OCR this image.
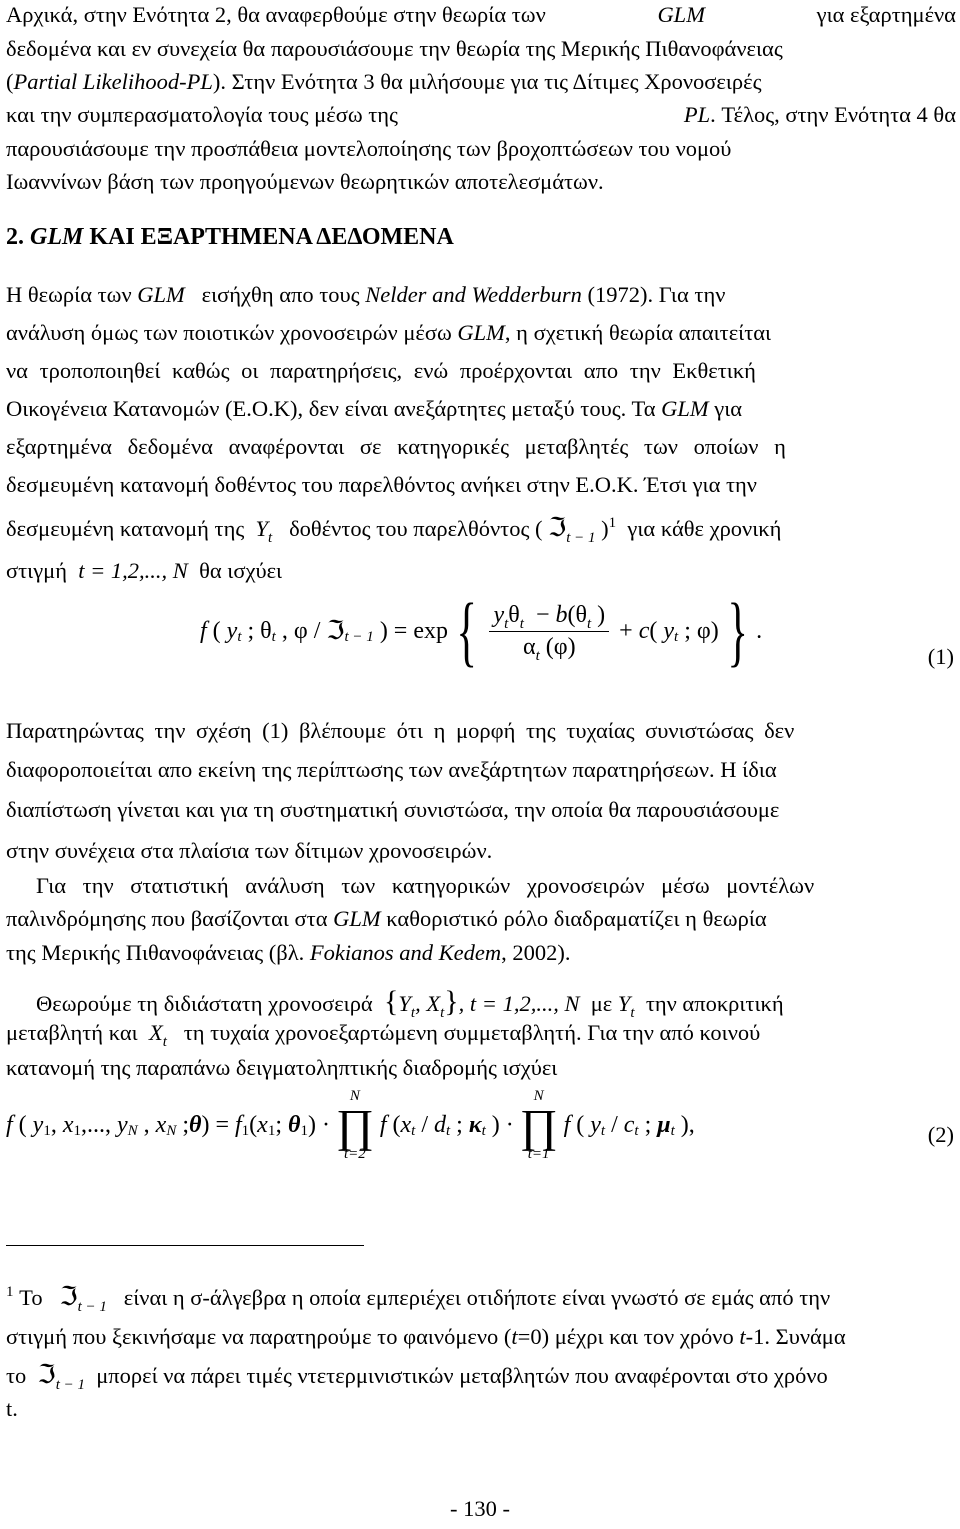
Αρχικά, στην Ενότητα 2, θα αναφερθούμε στην θεωρία των	GLM	για εξαρτημένα
δεδομένα και εν συνεχεία θα παρουσιάσουμε την θεωρία της Μερικής Πιθανοφάνειας
( Partial Likelihood-PL ). Στην Ενότητα 3 θα μιλήσουμε για τις Δίτιμες Χρονοσειρές
και την συμπερασματολογία τους μέσω της	PL. Τέλος, στην Ενότητα 4 θα
παρουσιάσουμε την προσπάθεια μοντελοποίησης των βροχοπτώσεων του νομού
Ιωαννίνων βάση των προηγούμενων θεωρητικών αποτελεσμάτων.
2.
GLM
ΚΑΙ ΕΞΑΡΤΗΜΕΝΑ ΔΕΔΟΜΕΝΑ
Η θεωρία των
GLM
εισήχθη απο τους
Nelder and Wedderburn
(1972). Για την
ανάλυση όμως των ποιοτικών χρονοσειρών μέσω
GLM , η σχετική θεωρία απαιτείται
να τροποποιηθεί καθώς οι παρατηρήσεις, ενώ προέρχονται απο την Εκθετική
Οικογένεια Κατανομών (Ε.Ο.Κ), δεν είναι ανεξάρτητες μεταξύ τους. Τα
GLM
για
εξαρτημένα δεδομένα αναφέρονται σε κατηγορικές μεταβλητές των οποίων η
δεσμευμένη κατανομή δοθέντος του παρελθόντος ανήκει στην Ε.Ο.Κ. Έτσι για την
δεσμευμένη κατανομή της
Y t
δοθέντος του παρελθόντος (
ℑ t − 1
) 1
για κάθε χρονική
στιγμή
t = 1,2,..., N
θα ισχύει
f ( y t ; θ t , φ / ℑ t − 1 ) = exp { $\frac{y_t\theta_t - b(\theta_t )}{\alpha_t (\varphi)} + c$ ( y t ; φ) } .
(1)
Παρατηρώντας την σχέση (1) βλέπουμε ότι η μορφή της τυχαίας συνιστώσας δεν
διαφοροποιείται απο εκείνη της περίπτωσης των ανεξάρτητων παρατηρήσεων. Η ίδια
διαπίστωση γίνεται και για τη συστηματική συνιστώσα, την οποία θα παρουσιάσουμε
στην συνέχεια στα πλαίσια των δίτιμων χρονοσειρών.
Για την στατιστική ανάλυση των κατηγορικών χρονοσειρών μέσω μοντέλων
παλινδρόμησης που βασίζονται στα
GLM
καθοριστικό ρόλο διαδραματίζει η θεωρία
της Μερικής Πιθανοφάνειας (βλ.
Fokianos and Kedem , 2002).
Θεωρούμε τη διδιάστατη χρονοσειρά
{$Y_t$, $X_t$}, t = 1,2,..., N
με
Y t
την αποκριτική
μεταβλητή και
X t
τη τυχαία χρονοεξαρτώμενη συμμεταβλητή. Για την από κοινού
κατανομή της παραπάνω δειγματοληπτικής διαδρομής ισχύει
f ( y 1 , x 1 ,..., y N , x N ; θ ) = f 1 ( x 1 ; θ 1 ) ·
N
∏
t=2
f ( x t / d t ; κ t ) ·
N
∏
t=1
f ( y t / c t ; μ t ),	(2)
1
Το
ℑ t − 1
είναι η σ-άλγεβρα η οποία εμπεριέχει οτιδήποτε είναι γνωστό σε εμάς από την
στιγμή που ξεκινήσαμε να παρατηρούμε το φαινόμενο ( t =0) μέχρι και τον χρόνο
t -1. Συνάμα
το
ℑ t − 1
μπορεί να πάρει τιμές ντετερμινιστικών μεταβλητών που αναφέρονται στο χρόνο
t.
- 130 -
